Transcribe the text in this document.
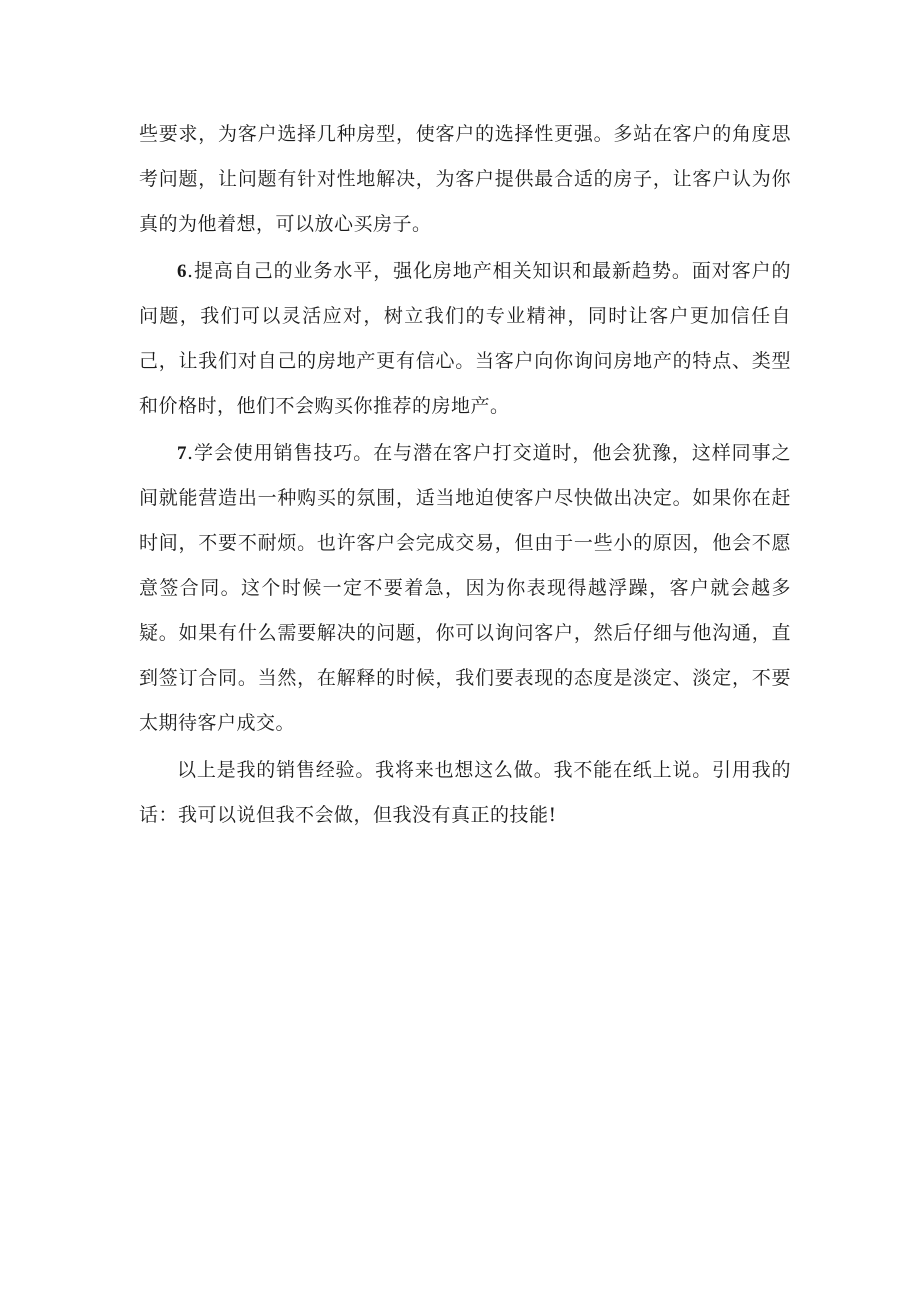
些要求，为客户选择几种房型，使客户的选择性更强。多站在客户的角度思考问题，让问题有针对性地解决，为客户提供最合适的房子，让客户认为你真的为他着想，可以放心买房子。

6.提高自己的业务水平，强化房地产相关知识和最新趋势。面对客户的问题，我们可以灵活应对，树立我们的专业精神，同时让客户更加信任自己，让我们对自己的房地产更有信心。当客户向你询问房地产的特点、类型和价格时，他们不会购买你推荐的房地产。

7.学会使用销售技巧。在与潜在客户打交道时，他会犹豫，这样同事之间就能营造出一种购买的氛围，适当地迫使客户尽快做出决定。如果你在赶时间，不要不耐烦。也许客户会完成交易，但由于一些小的原因，他会不愿意签合同。这个时候一定不要着急，因为你表现得越浮躁，客户就会越多疑。如果有什么需要解决的问题，你可以询问客户，然后仔细与他沟通，直到签订合同。当然，在解释的时候，我们要表现的态度是淡定、淡定，不要太期待客户成交。

以上是我的销售经验。我将来也想这么做。我不能在纸上说。引用我的话：我可以说但我不会做，但我没有真正的技能!
